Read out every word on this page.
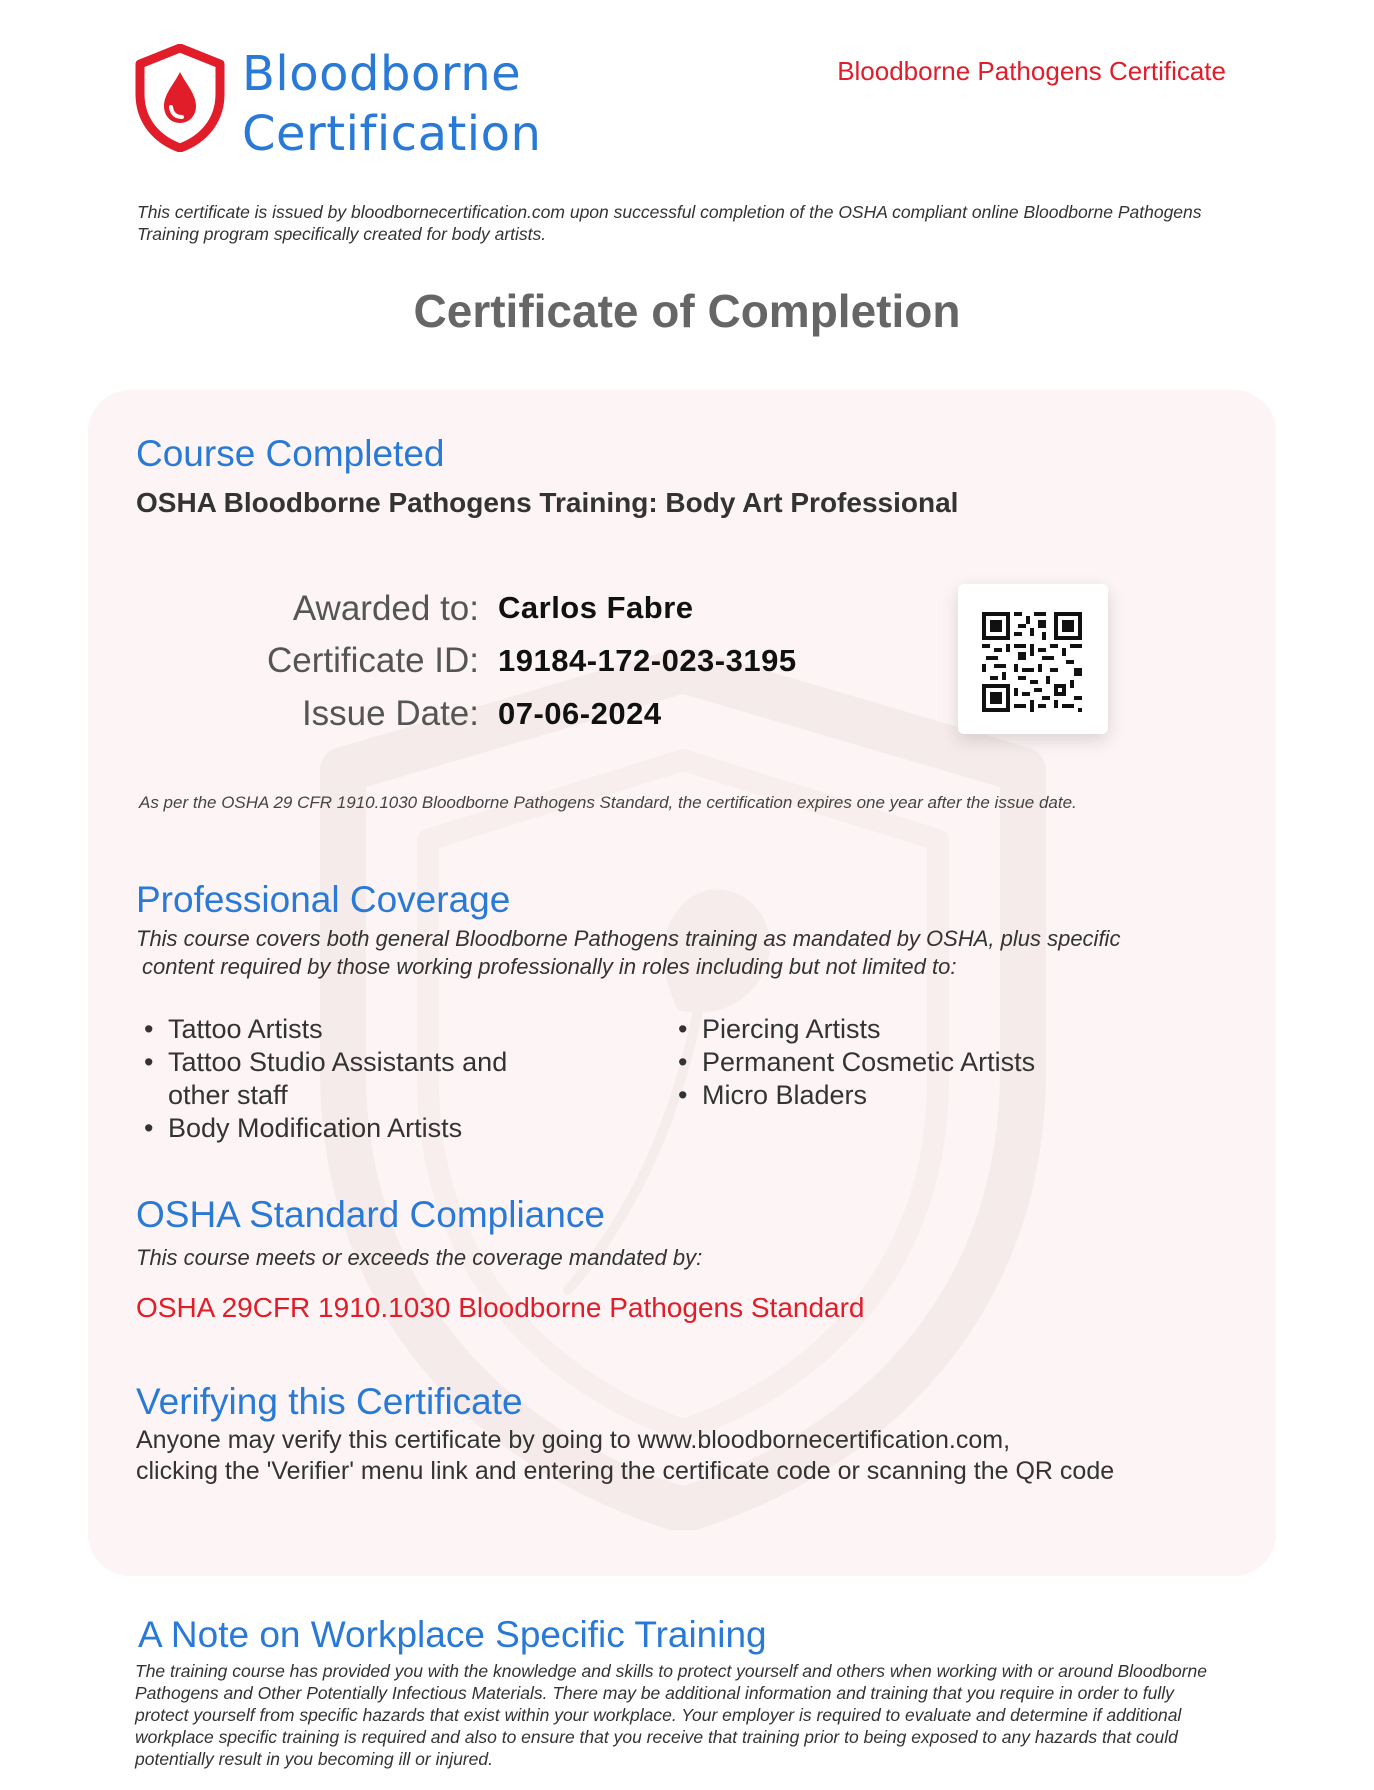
Bloodborne
Certification
Bloodborne Pathogens Certificate
This certificate is issued by bloodbornecertification.com upon successful completion of the OSHA compliant online Bloodborne Pathogens Training program specifically created for body artists.
Certificate of Completion
Course Completed
OSHA Bloodborne Pathogens Training: Body Art Professional
Awarded to: Carlos Fabre
Certificate ID: 19184-172-023-3195
Issue Date: 07-06-2024
As per the OSHA 29 CFR 1910.1030 Bloodborne Pathogens Standard, the certification expires one year after the issue date.
Professional Coverage
This course covers both general Bloodborne Pathogens training as mandated by OSHA, plus specific
content required by those working professionally in roles including but not limited to:
• Tattoo Artists
• Tattoo Studio Assistants and other staff
• Body Modification Artists
• Piercing Artists
• Permanent Cosmetic Artists
• Micro Bladers
OSHA Standard Compliance
This course meets or exceeds the coverage mandated by:
OSHA 29CFR 1910.1030 Bloodborne Pathogens Standard
Verifying this Certificate
Anyone may verify this certificate by going to www.bloodbornecertification.com,
clicking the 'Verifier' menu link and entering the certificate code or scanning the QR code
A Note on Workplace Specific Training
The training course has provided you with the knowledge and skills to protect yourself and others when working with or around Bloodborne Pathogens and Other Potentially Infectious Materials. There may be additional information and training that you require in order to fully protect yourself from specific hazards that exist within your workplace. Your employer is required to evaluate and determine if additional workplace specific training is required and also to ensure that you receive that training prior to being exposed to any hazards that could potentially result in you becoming ill or injured.
